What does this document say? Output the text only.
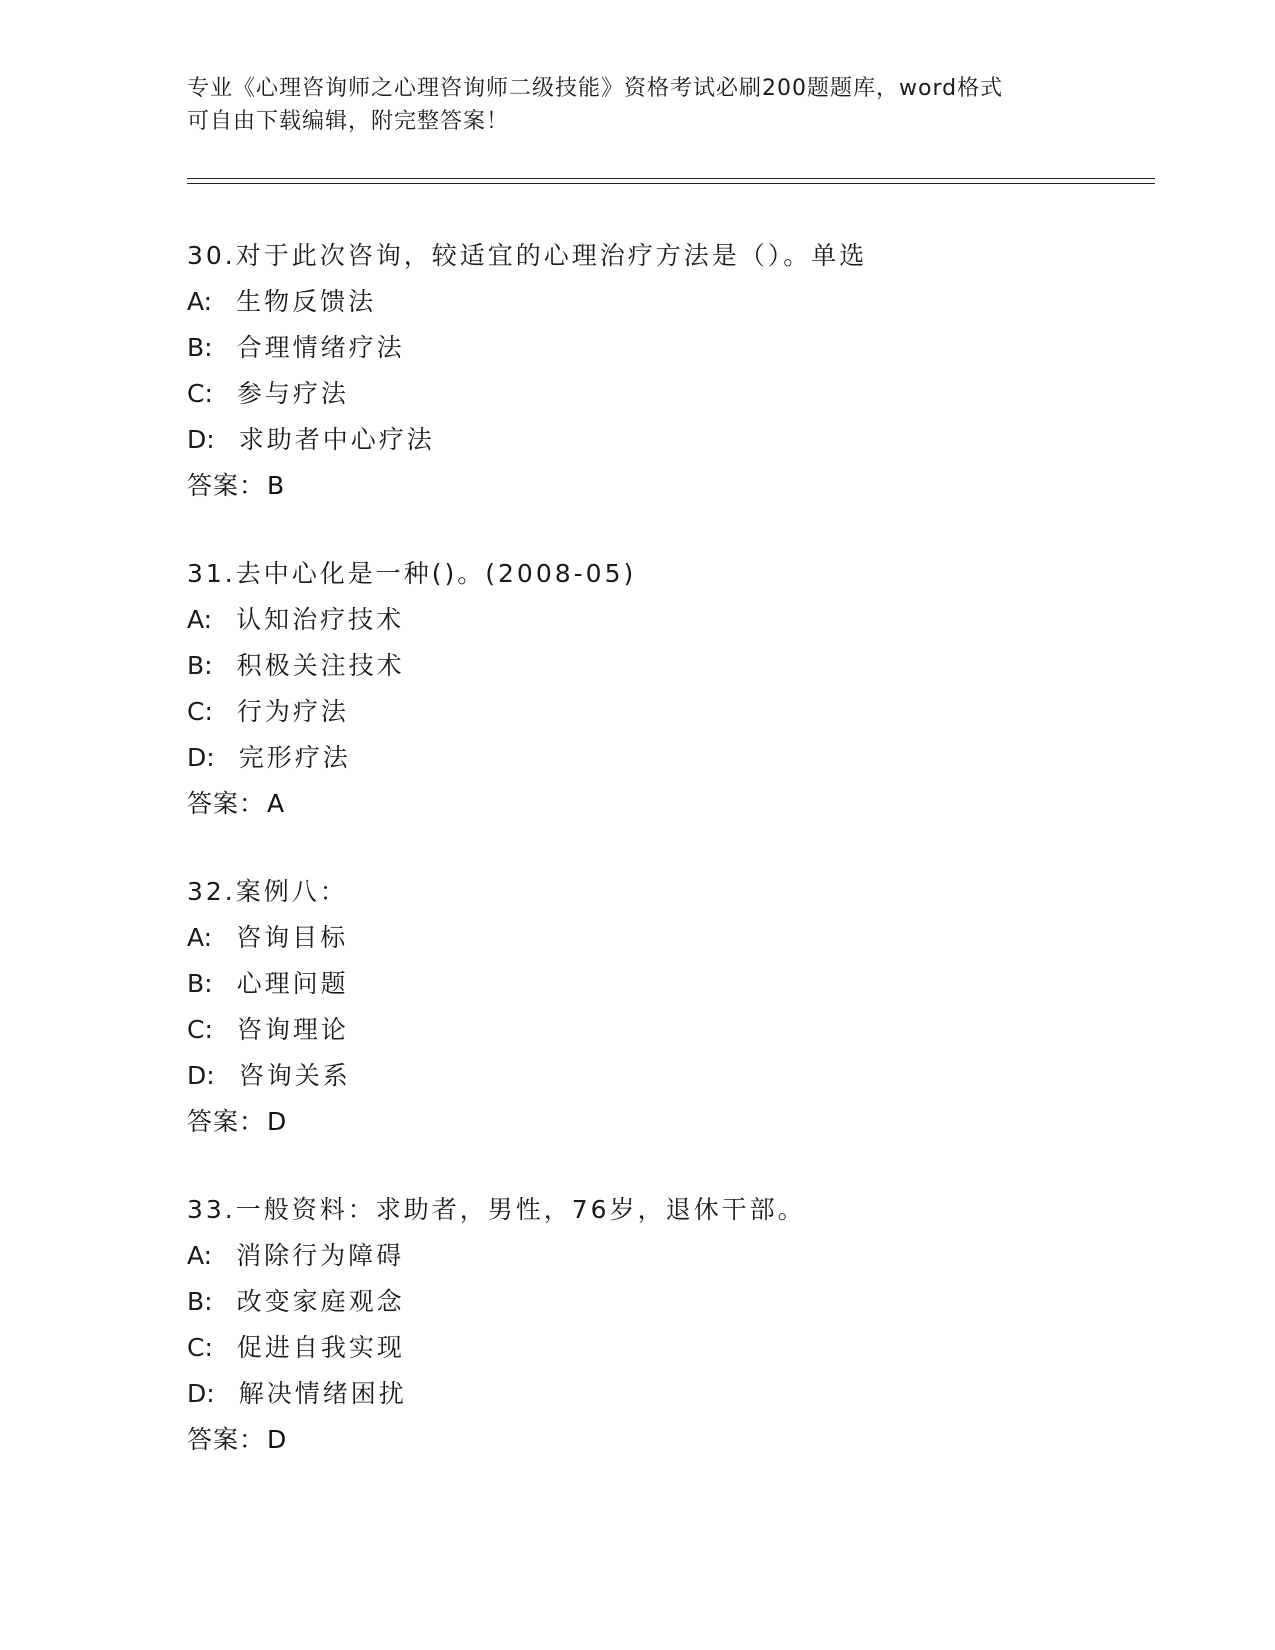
专业《心理咨询师之心理咨询师二级技能》资格考试必刷200题题库，word格式
可自由下载编辑，附完整答案！
30.对于此次咨询，较适宜的心理治疗方法是（）。单选
A: 生物反馈法
B: 合理情绪疗法
C: 参与疗法
D: 求助者中心疗法
答案：B
31.去中心化是一种()。(2008-05)
A: 认知治疗技术
B: 积极关注技术
C: 行为疗法
D: 完形疗法
答案：A
32.案例八：
A: 咨询目标
B: 心理问题
C: 咨询理论
D: 咨询关系
答案：D
33.一般资料：求助者，男性，76岁，退休干部。
A: 消除行为障碍
B: 改变家庭观念
C: 促进自我实现
D: 解决情绪困扰
答案：D
